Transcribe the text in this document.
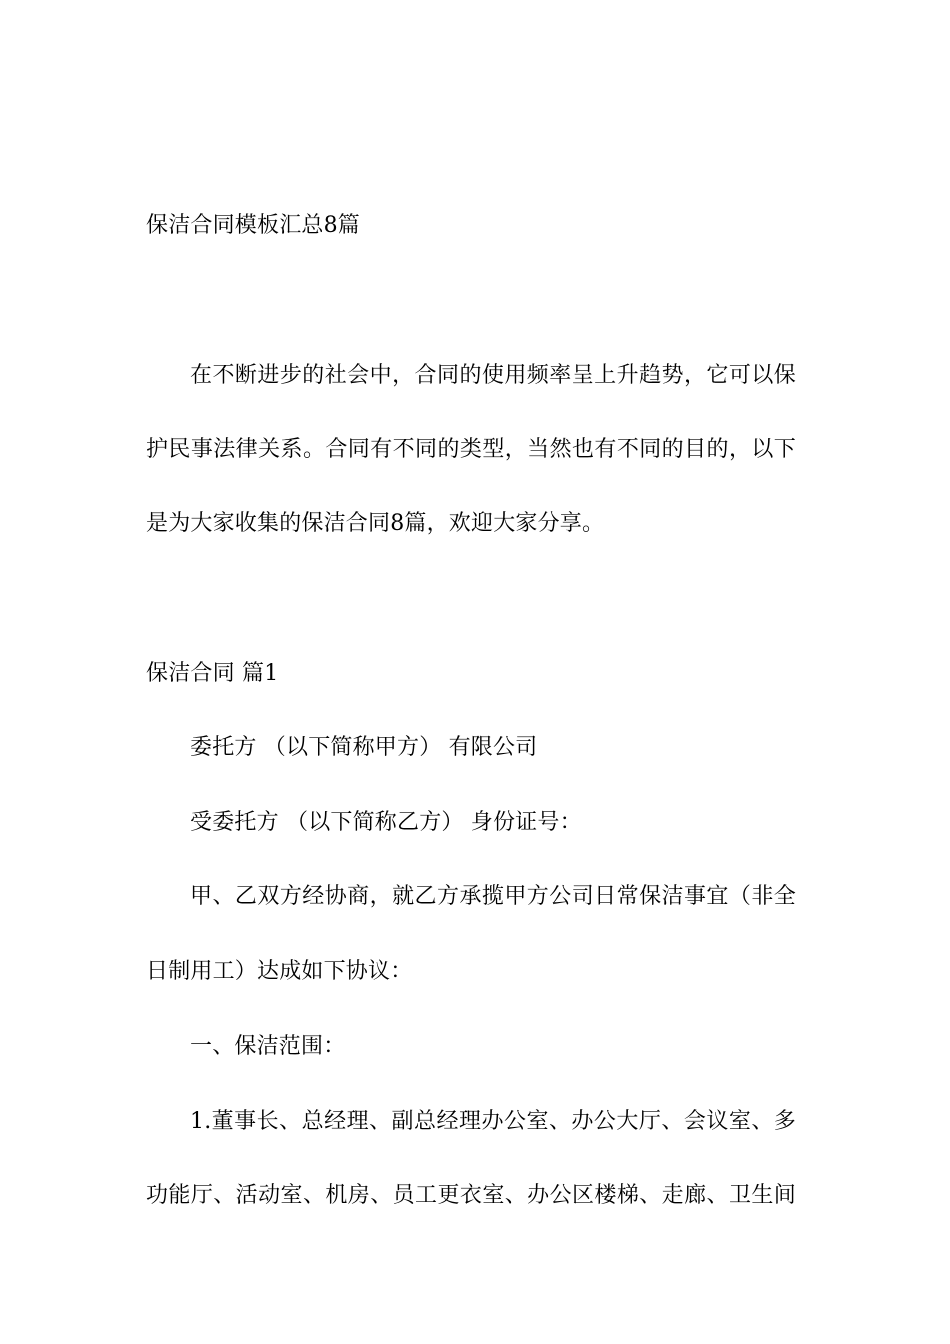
保洁合同模板汇总8篇
在不断进步的社会中，合同的使用频率呈上升趋势，它可以保
护民事法律关系。合同有不同的类型，当然也有不同的目的，以下
是为大家收集的保洁合同8篇，欢迎大家分享。
保洁合同 篇1
委托方 （以下简称甲方） 有限公司
受委托方 （以下简称乙方） 身份证号：
甲、乙双方经协商，就乙方承揽甲方公司日常保洁事宜（非全
日制用工）达成如下协议：
一、保洁范围：
1.董事长、总经理、副总经理办公室、办公大厅、会议室、多
功能厅、活动室、机房、员工更衣室、办公区楼梯、走廊、卫生间
